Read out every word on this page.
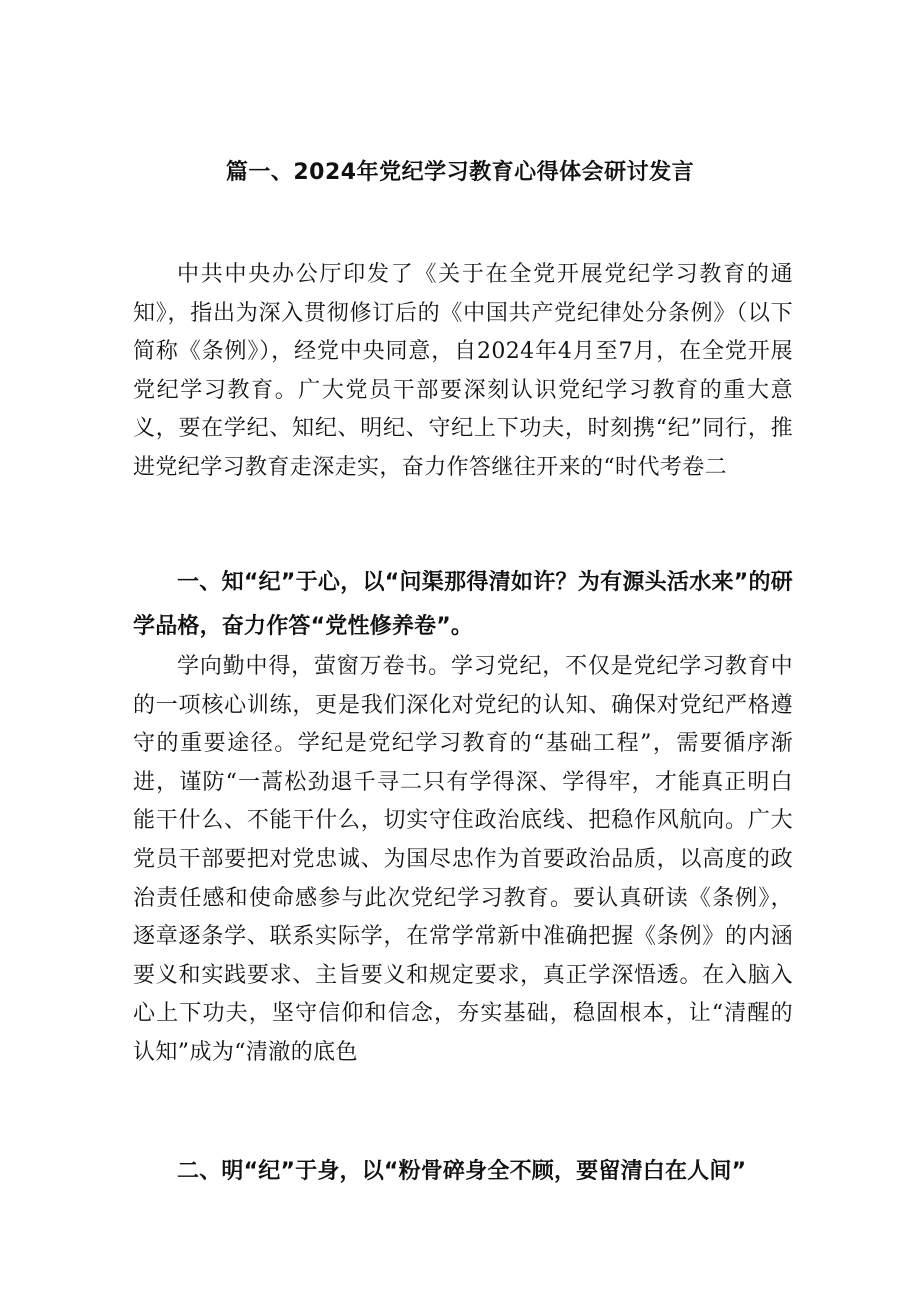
篇一、2024年党纪学习教育心得体会研讨发言

中共中央办公厅印发了《关于在全党开展党纪学习教育的通知》，指出为深入贯彻修订后的《中国共产党纪律处分条例》（以下简称《条例》），经党中央同意，自2024年4月至7月，在全党开展党纪学习教育。广大党员干部要深刻认识党纪学习教育的重大意义，要在学纪、知纪、明纪、守纪上下功夫，时刻携“纪”同行，推进党纪学习教育走深走实，奋力作答继往开来的“时代考卷二

一、知“纪”于心，以“问渠那得清如许？为有源头活水来”的研学品格，奋力作答“党性修养卷”。

学向勤中得，萤窗万卷书。学习党纪，不仅是党纪学习教育中的一项核心训练，更是我们深化对党纪的认知、确保对党纪严格遵守的重要途径。学纪是党纪学习教育的“基础工程”，需要循序渐进，谨防“一蒿松劲退千寻二只有学得深、学得牢，才能真正明白能干什么、不能干什么，切实守住政治底线、把稳作风航向。广大党员干部要把对党忠诚、为国尽忠作为首要政治品质，以高度的政治责任感和使命感参与此次党纪学习教育。要认真研读《条例》，逐章逐条学、联系实际学，在常学常新中准确把握《条例》的内涵要义和实践要求、主旨要义和规定要求，真正学深悟透。在入脑入心上下功夫，坚守信仰和信念，夯实基础，稳固根本，让“清醒的认知”成为“清澈的底色

二、明“纪”于身，以“粉骨碎身全不顾，要留清白在人间”
